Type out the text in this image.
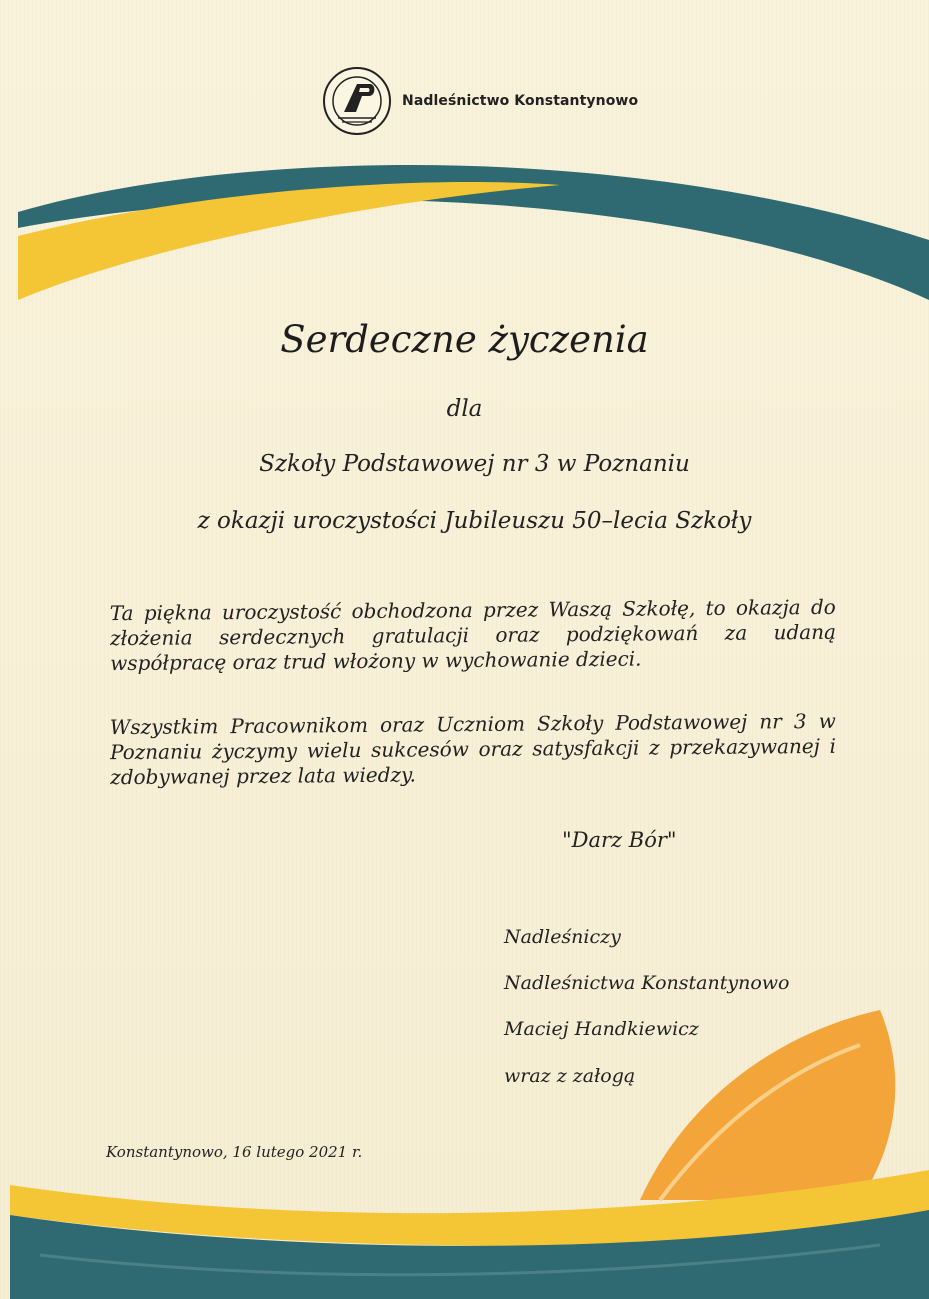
Nadleśnictwo Konstantynowo
Serdeczne życzenia
dla
Szkoły Podstawowej nr 3 w Poznaniu
z okazji uroczystości Jubileuszu 50–lecia Szkoły
Ta piękna uroczystość obchodzona przez Waszą Szkołę, to okazja do złożenia serdecznych gratulacji oraz podziękowań za udaną współpracę oraz trud włożony w wychowanie dzieci.
Wszystkim Pracownikom oraz Uczniom Szkoły Podstawowej nr 3 w Poznaniu życzymy wielu sukcesów oraz satysfakcji z przekazywanej i zdobywanej przez lata wiedzy.
"Darz Bór"
Nadleśniczy
Nadleśnictwa Konstantynowo
Maciej Handkiewicz
wraz z załogą
Konstantynowo, 16 lutego 2021 r.
